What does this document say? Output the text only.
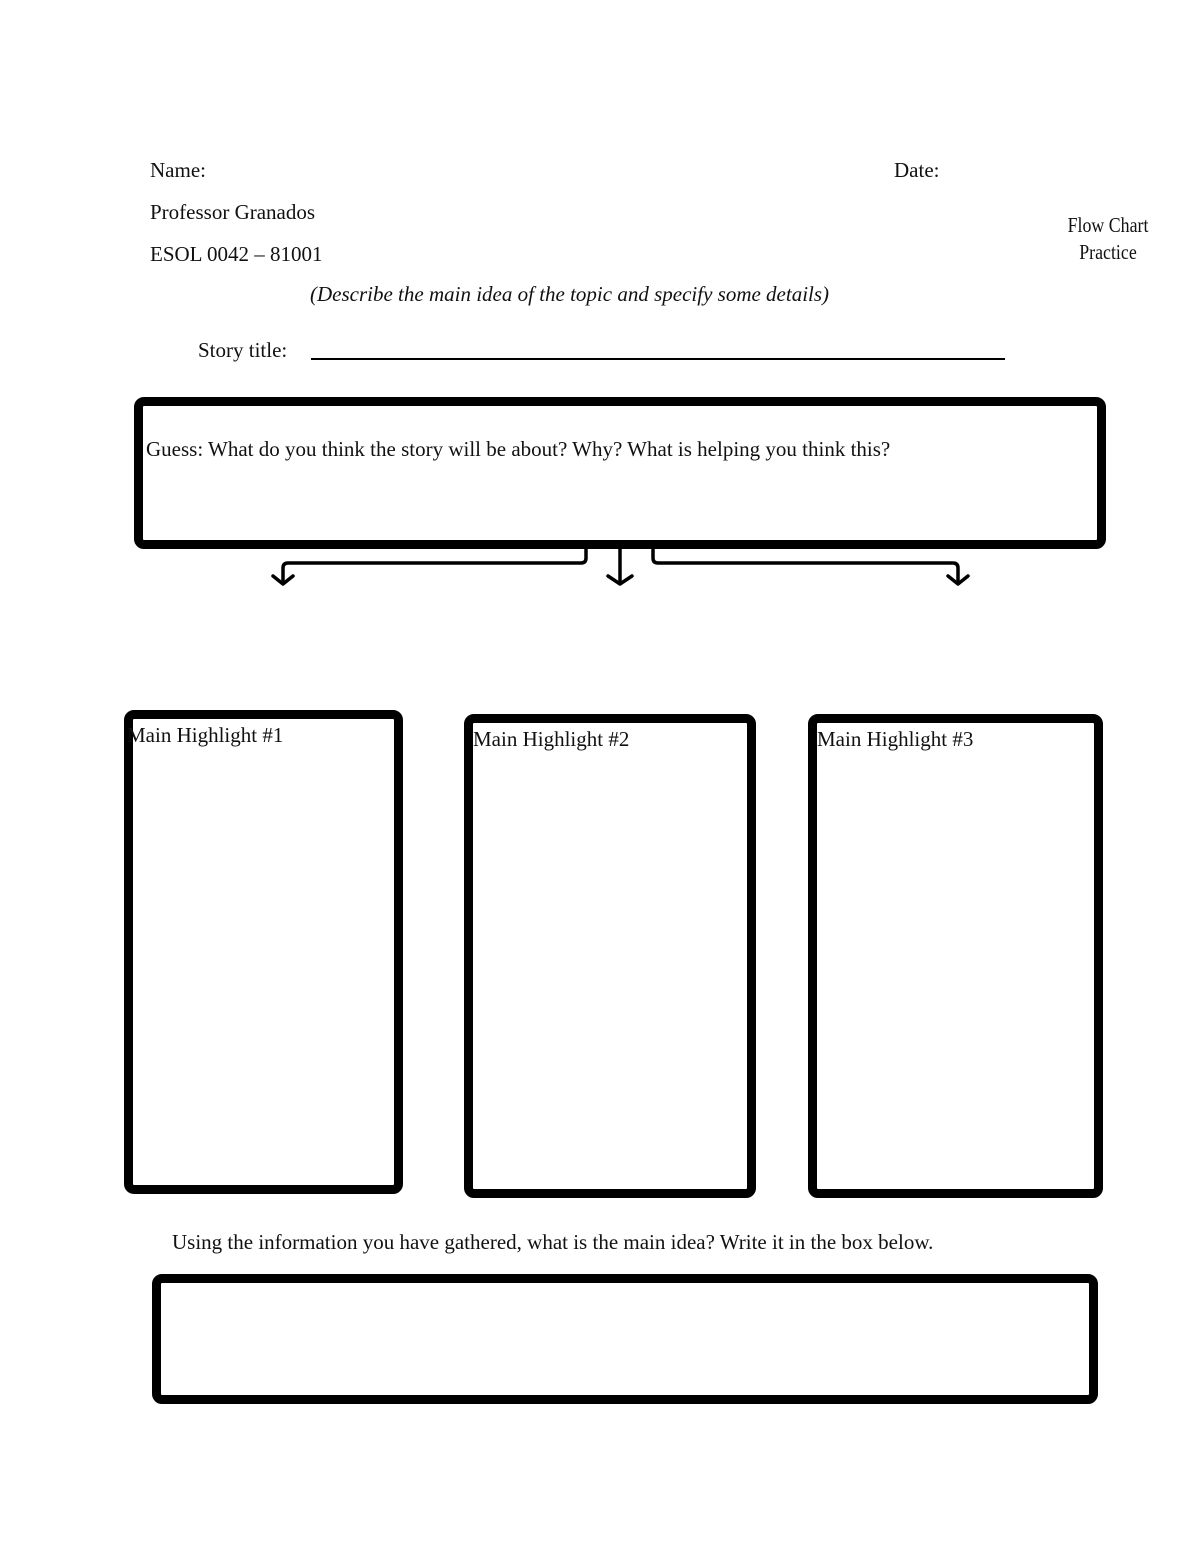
Name:	Date:
Professor Granados
ESOL 0042 – 81001
Flow Chart
Practice
(Describe the main idea of the topic and specify some details)
Story title:
Guess: What do you think the story will be about? Why? What is helping you think this?
Main Highlight #1	Main Highlight #2	Main Highlight #3
Using the information you have gathered, what is the main idea? Write it in the box below.
